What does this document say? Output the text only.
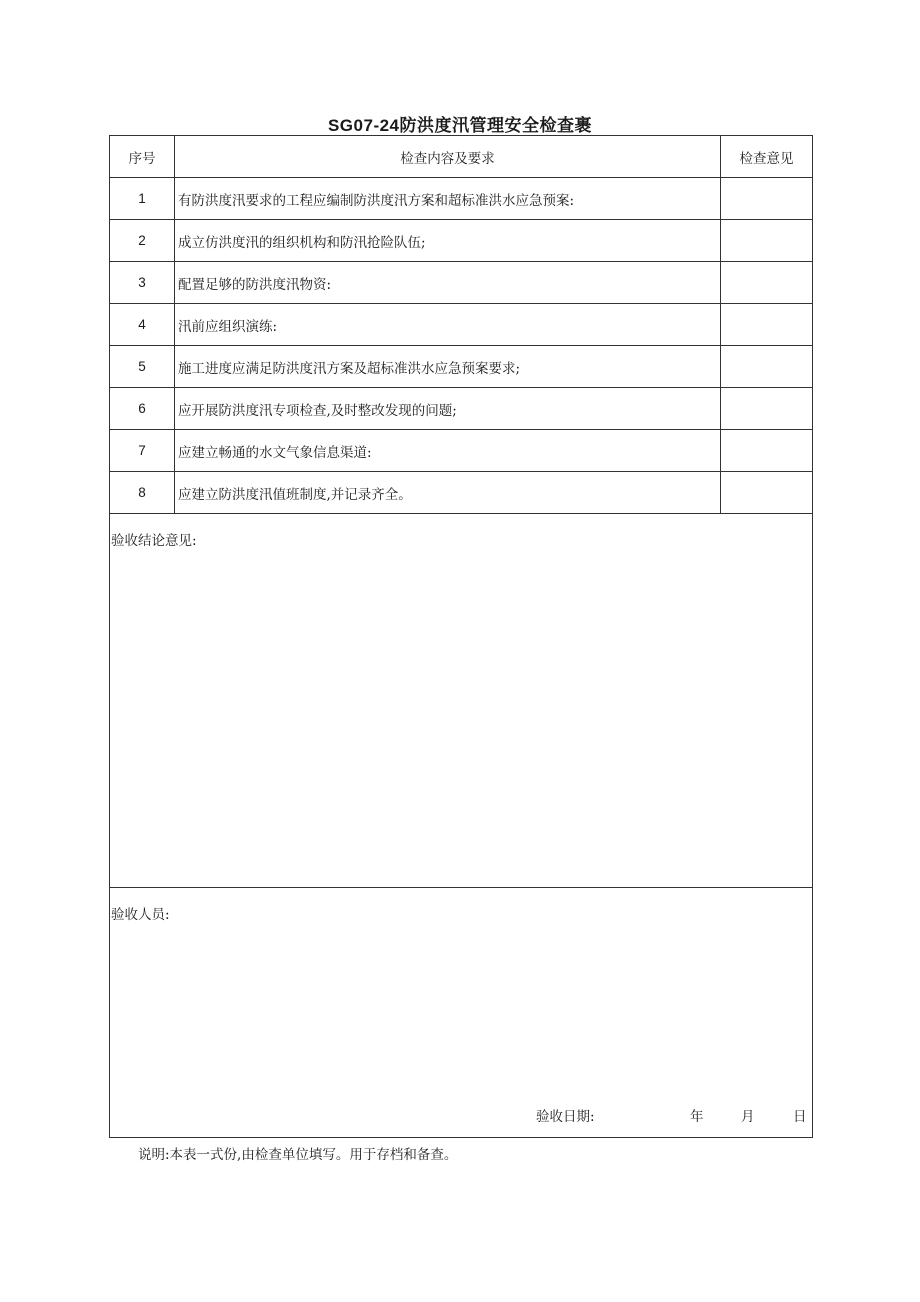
SG07-24防洪度汛管理安全检查裹
序号	检查内容及要求	检查意见
1	有防洪度汛要求的工程应编制防洪度汛方案和超标准洪水应急预案:	
2	成立仿洪度汛的组织机构和防汛抢险队伍;	
3	配置足够的防洪度汛物资:	
4	汛前应组织演练:	
5	施工进度应满足防洪度汛方案及超标准洪水应急预案要求;	
6	应开展防洪度汛专项检查,及时整改发现的问题;	
7	应建立畅通的水文气象信息渠道:	
8	应建立防洪度汛值班制度,并记录齐全。	

验收结论意见:		

验收人员:
验收日期: 年 月 日		
说明:本表一式份,由检查单位填写。用于存档和备查。
